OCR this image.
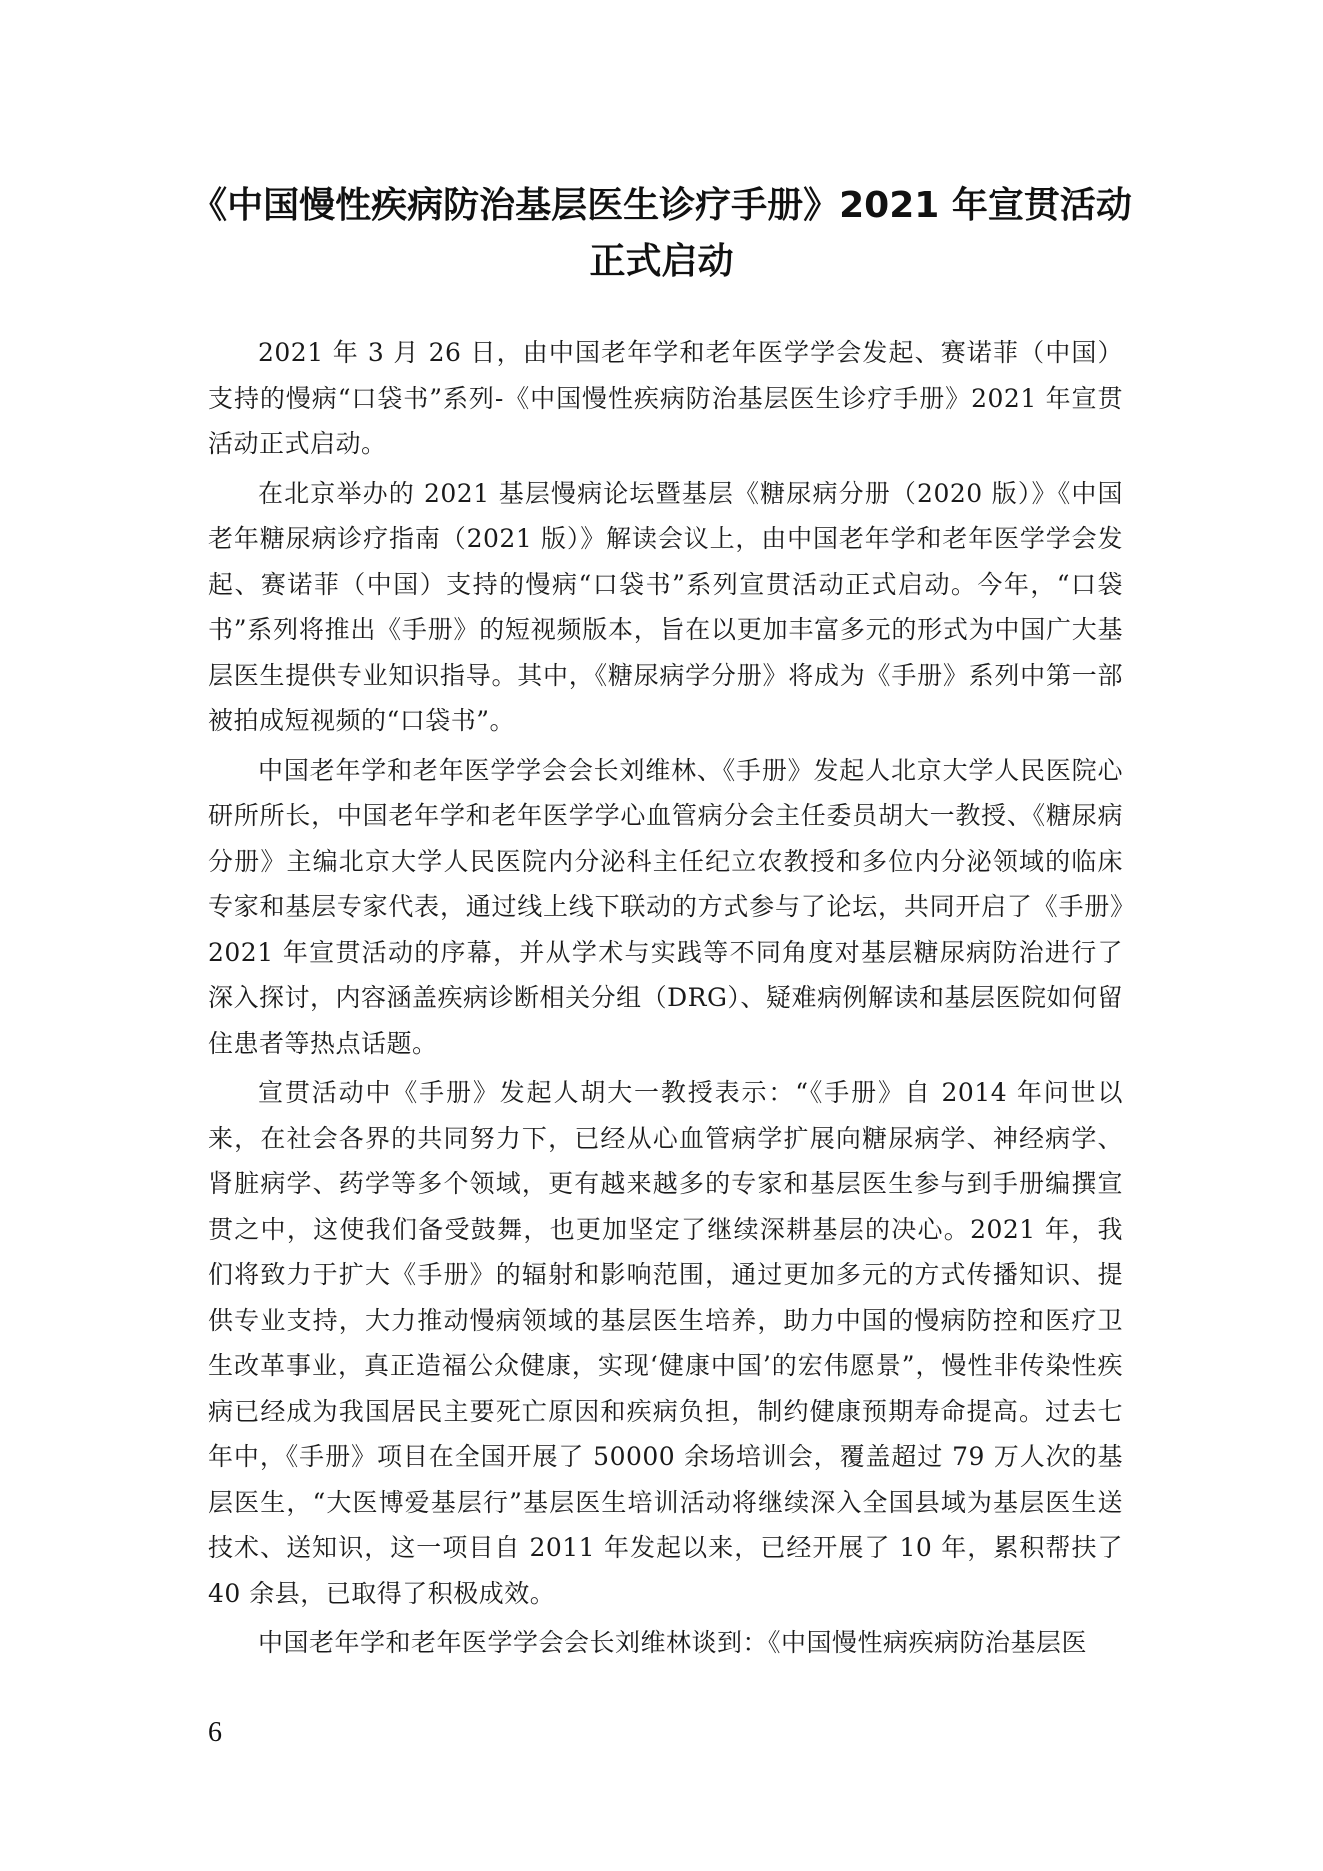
《中国慢性疾病防治基层医生诊疗手册》2021 年宣贯活动
正式启动

2021 年 3 月 26 日，由中国老年学和老年医学学会发起、赛诺菲（中国）支持的慢病“口袋书”系列-《中国慢性疾病防治基层医生诊疗手册》2021 年宣贯活动正式启动。

在北京举办的 2021 基层慢病论坛暨基层《糖尿病分册（2020 版）》《中国老年糖尿病诊疗指南（2021 版）》解读会议上，由中国老年学和老年医学学会发起、赛诺菲（中国）支持的慢病“口袋书”系列宣贯活动正式启动。今年，“口袋书”系列将推出《手册》的短视频版本，旨在以更加丰富多元的形式为中国广大基层医生提供专业知识指导。其中，《糖尿病学分册》将成为《手册》系列中第一部被拍成短视频的“口袋书”。

中国老年学和老年医学学会会长刘维林、《手册》发起人北京大学人民医院心研所所长，中国老年学和老年医学学心血管病分会主任委员胡大一教授、《糖尿病分册》主编北京大学人民医院内分泌科主任纪立农教授和多位内分泌领域的临床专家和基层专家代表，通过线上线下联动的方式参与了论坛，共同开启了《手册》2021 年宣贯活动的序幕，并从学术与实践等不同角度对基层糖尿病防治进行了深入探讨，内容涵盖疾病诊断相关分组（DRG）、疑难病例解读和基层医院如何留住患者等热点话题。

宣贯活动中《手册》发起人胡大一教授表示：“《手册》自 2014 年问世以来，在社会各界的共同努力下，已经从心血管病学扩展向糖尿病学、神经病学、肾脏病学、药学等多个领域，更有越来越多的专家和基层医生参与到手册编撰宣贯之中，这使我们备受鼓舞，也更加坚定了继续深耕基层的决心。2021 年，我们将致力于扩大《手册》的辐射和影响范围，通过更加多元的方式传播知识、提供专业支持，大力推动慢病领域的基层医生培养，助力中国的慢病防控和医疗卫生改革事业，真正造福公众健康，实现‘健康中国’的宏伟愿景”，慢性非传染性疾病已经成为我国居民主要死亡原因和疾病负担，制约健康预期寿命提高。过去七年中，《手册》项目在全国开展了 50000 余场培训会，覆盖超过 79 万人次的基层医生，“大医博爱基层行”基层医生培训活动将继续深入全国县域为基层医生送技术、送知识，这一项目自 2011 年发起以来，已经开展了 10 年，累积帮扶了 40 余县，已取得了积极成效。

中国老年学和老年医学学会会长刘维林谈到：《中国慢性病疾病防治基层医

6
